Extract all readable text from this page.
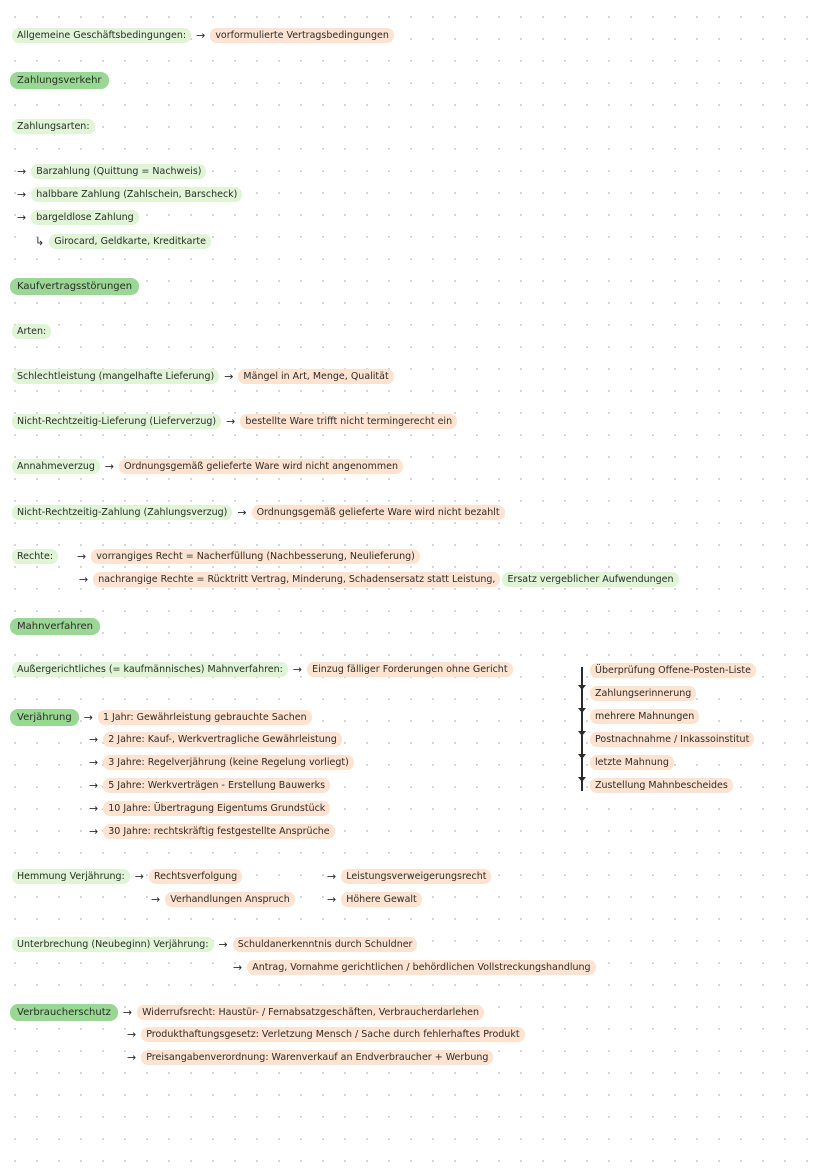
Allgemeine Geschäftsbedingungen: →	vorformulierte Vertragsbedingungen
Zahlungsverkehr
Zahlungsarten:
→	Barzahlung (Quittung = Nachweis)
→	halbbare Zahlung (Zahlschein, Barscheck)
→	bargeldlose Zahlung
↳	Girocard, Geldkarte, Kreditkarte
Kaufvertragsstörungen
Arten:
Schlechtleistung (mangelhafte Lieferung) →	Mängel in Art, Menge, Qualität
Nicht-Rechtzeitig-Lieferung (Lieferverzug) →	bestellte Ware trifft nicht termingerecht ein
Annahmeverzug →	Ordnungsgemäß gelieferte Ware wird nicht angenommen
Nicht-Rechtzeitig-Zahlung (Zahlungsverzug) →	Ordnungsgemäß gelieferte Ware wird nicht bezahlt
Rechte:	→	vorrangiges Recht = Nacherfüllung (Nachbesserung, Neulieferung)
→	nachrangige Rechte = Rücktritt Vertrag, Minderung, Schadensersatz statt Leistung,	Ersatz vergeblicher Aufwendungen
Mahnverfahren
Außergerichtliches (= kaufmännisches) Mahnverfahren: →	Einzug fälliger Forderungen ohne Gericht	Überprüfung Offene-Posten-Liste
Zahlungserinnerung
mehrere Mahnungen
Postnachnahme / Inkassoinstitut
letzte Mahnung
Zustellung Mahnbescheides
Verjährung	→	1 Jahr: Gewährleistung gebrauchte Sachen
→	2 Jahre: Kauf-, Werkvertragliche Gewährleistung
→	3 Jahre: Regelverjährung (keine Regelung vorliegt)
→	5 Jahre: Werkverträgen - Erstellung Bauwerks
→	10 Jahre: Übertragung Eigentums Grundstück
→	30 Jahre: rechtskräftig festgestellte Ansprüche
Hemmung Verjährung: →	Rechtsverfolgung
→	Verhandlungen Anspruch
→	Leistungsverweigerungsrecht
→	Höhere Gewalt
Unterbrechung (Neubeginn) Verjährung: →	Schuldanerkenntnis durch Schuldner
→	Antrag, Vornahme gerichtlichen / behördlichen Vollstreckungshandlung
Verbraucherschutz	→	Widerrufsrecht: Haustür- / Fernabsatzgeschäften, Verbraucherdarlehen
→	Produkthaftungsgesetz: Verletzung Mensch / Sache durch fehlerhaftes Produkt
→	Preisangabenverordnung: Warenverkauf an Endverbraucher + Werbung
